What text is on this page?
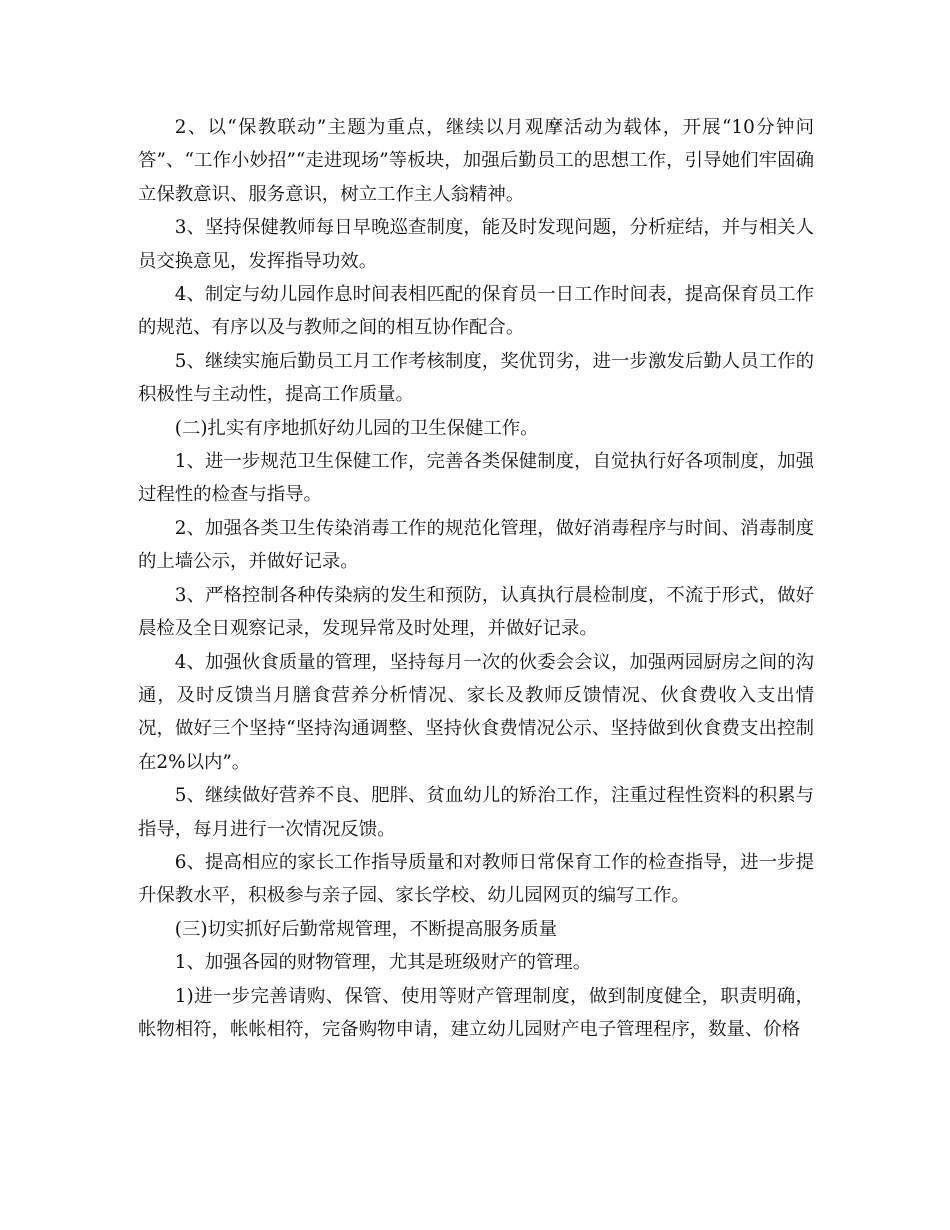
2、以“保教联动”主题为重点，继续以月观摩活动为载体，开展“10分钟问答”、“工作小妙招”“走进现场”等板块，加强后勤员工的思想工作，引导她们牢固确立保教意识、服务意识，树立工作主人翁精神。

3、坚持保健教师每日早晚巡查制度，能及时发现问题，分析症结，并与相关人员交换意见，发挥指导功效。

4、制定与幼儿园作息时间表相匹配的保育员一日工作时间表，提高保育员工作的规范、有序以及与教师之间的相互协作配合。

5、继续实施后勤员工月工作考核制度，奖优罚劣，进一步激发后勤人员工作的积极性与主动性，提高工作质量。

(二)扎实有序地抓好幼儿园的卫生保健工作。

1、进一步规范卫生保健工作，完善各类保健制度，自觉执行好各项制度，加强过程性的检查与指导。

2、加强各类卫生传染消毒工作的规范化管理，做好消毒程序与时间、消毒制度的上墙公示，并做好记录。

3、严格控制各种传染病的发生和预防，认真执行晨检制度，不流于形式，做好晨检及全日观察记录，发现异常及时处理，并做好记录。

4、加强伙食质量的管理，坚持每月一次的伙委会会议，加强两园厨房之间的沟通，及时反馈当月膳食营养分析情况、家长及教师反馈情况、伙食费收入支出情况，做好三个坚持“坚持沟通调整、坚持伙食费情况公示、坚持做到伙食费支出控制在2%以内”。

5、继续做好营养不良、肥胖、贫血幼儿的矫治工作，注重过程性资料的积累与指导，每月进行一次情况反馈。

6、提高相应的家长工作指导质量和对教师日常保育工作的检查指导，进一步提升保教水平，积极参与亲子园、家长学校、幼儿园网页的编写工作。

(三)切实抓好后勤常规管理，不断提高服务质量

1、加强各园的财物管理，尤其是班级财产的管理。

1)进一步完善请购、保管、使用等财产管理制度，做到制度健全，职责明确，帐物相符，帐帐相符，完备购物申请，建立幼儿园财产电子管理程序，数量、价格
